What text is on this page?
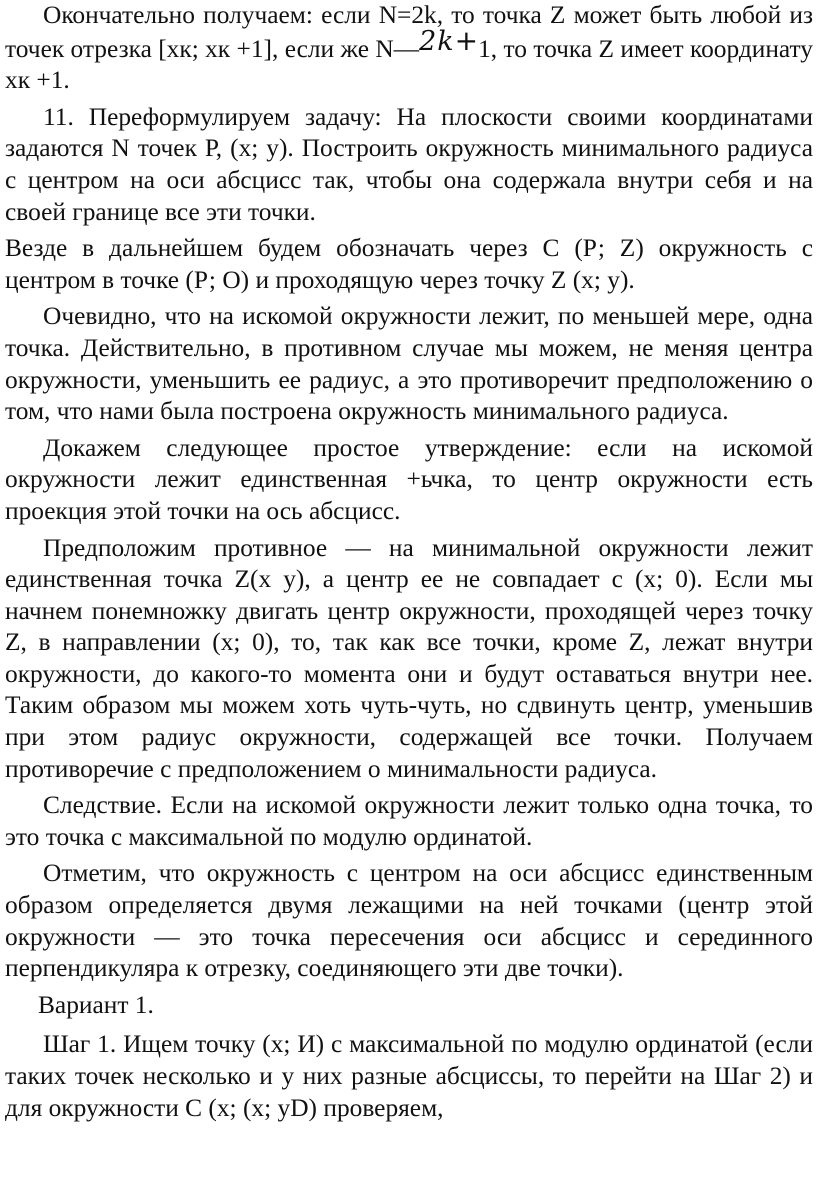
Окончательно получаем: если N=2k, то точка Z может быть любой из точек отрезка [хк; хк +1], если же N—2k+1, то точка Z имеет координату хк +1.

11. Переформулируем задачу: На плоскости своими координатами задаются N точек Р, (х; у). Построить окружность минимального радиуса с центром на оси абсцисс так, чтобы она содержала внутри себя и на своей границе все эти точки.

Везде в дальнейшем будем обозначать через С (Р; Z) окружность с центром в точке (Р; О) и проходящую через точку Z (х; у).

Очевидно, что на искомой окружности лежит, по меньшей мере, одна точка. Действительно, в противном случае мы можем, не меняя центра окружности, уменьшить ее радиус, а это противоречит предположению о том, что нами была построена окружность минимального радиуса.

Докажем следующее простое утверждение: если на искомой окружности лежит единственная +ьчка, то центр окружности есть проекция этой точки на ось абсцисс.

Предположим противное — на минимальной окружности лежит единственная точка Z(х у), а центр ее не совпадает с (х; 0). Если мы начнем понемножку двигать центр окружности, проходящей через точку Z, в направлении (х; 0), то, так как все точки, кроме Z, лежат внутри окружности, до какого-то момента они и будут оставаться внутри нее. Таким образом мы можем хоть чуть-чуть, но сдвинуть центр, уменьшив при этом радиус окружности, содержащей все точки. Получаем противоречие с предположением о минимальности радиуса.

Следствие. Если на искомой окружности лежит только одна точка, то это точка с максимальной по модулю ординатой.

Отметим, что окружность с центром на оси абсцисс единственным образом определяется двумя лежащими на ней точками (центр этой окружности — это точка пересечения оси абсцисс и серединного перпендикуляра к отрезку, соединяющего эти две точки).

Вариант 1.

Шаг 1. Ищем точку (х; И) с максимальной по модулю ординатой (если таких точек несколько и у них разные абсциссы, то перейти на Шаг 2) и для окружности С (х; (х; уD) проверяем,
